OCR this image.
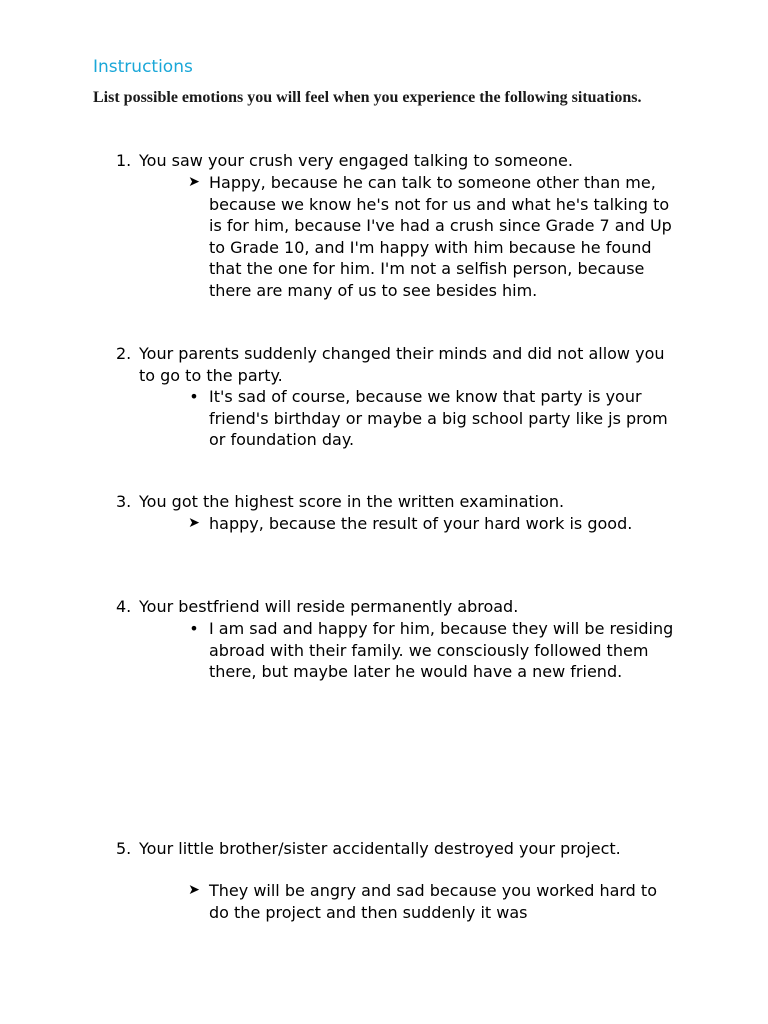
Instructions
List possible emotions you will feel when you experience the following situations.
1. You saw your crush very engaged talking to someone.
➤ Happy, because he can talk to someone other than me, because we know he's not for us and what he's talking to is for him, because I've had a crush since Grade 7 and Up to Grade 10, and I'm happy with him because he found that the one for him. I'm not a selfish person, because there are many of us to see besides him.
2. Your parents suddenly changed their minds and did not allow you to go to the party.
• It's sad of course, because we know that party is your friend's birthday or maybe a big school party like js prom or foundation day.
3. You got the highest score in the written examination.
➤ happy, because the result of your hard work is good.
4. Your bestfriend will reside permanently abroad.
• I am sad and happy for him, because they will be residing abroad with their family. we consciously followed them there, but maybe later he would have a new friend.
5. Your little brother/sister accidentally destroyed your project.
➤ They will be angry and sad because you worked hard to do the project and then suddenly it was
